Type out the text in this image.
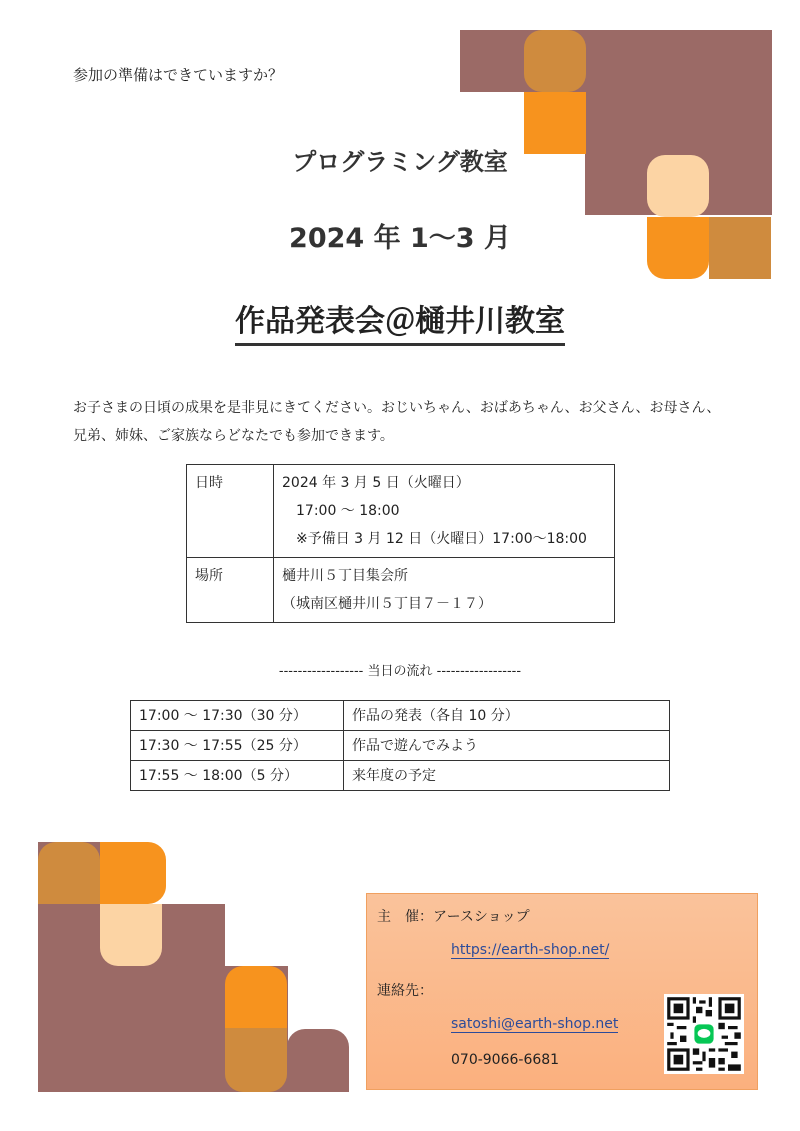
参加の準備はできていますか？
プログラミング教室
2024 年 1～3 月
作品発表会＠樋井川教室
お子さまの日頃の成果を是非見にきてください。おじいちゃん、おばあちゃん、お父さん、お母さん、兄弟、姉妹、ご家族ならどなたでも参加できます。
日時	2024 年 3 月 5 日（火曜日）
17:00 ～ 18:00
※予備日 3 月 12 日（火曜日）17:00～18:00

場所	樋井川５丁目集会所
（城南区樋井川５丁目７－１７）
------------------ 当日の流れ ------------------
17:00 ～ 17:30（30 分）	作品の発表（各自 10 分）
17:30 ～ 17:55（25 分）	作品で遊んでみよう
17:55 ～ 18:00（5 分）	来年度の予定
主　催：アースショップ
https://earth-shop.net/
連絡先：
satoshi@earth-shop.net
070-9066-6681
